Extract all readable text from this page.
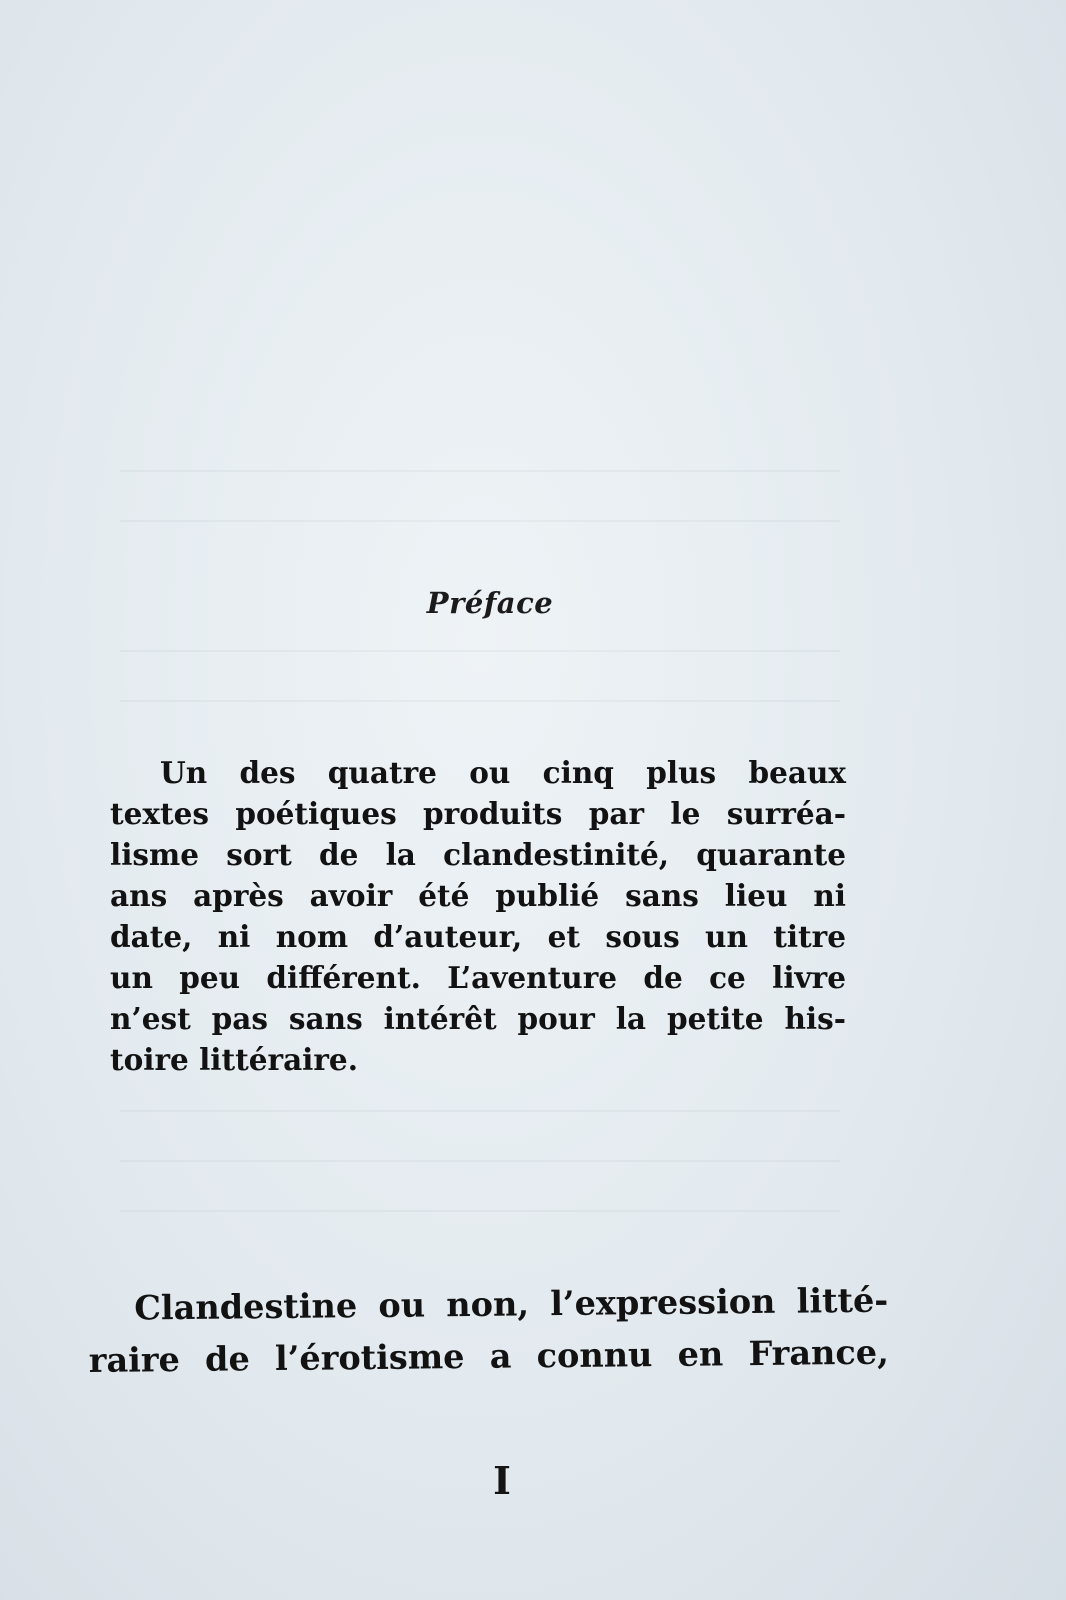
Préface
Un des quatre ou cinq plus beaux
textes poétiques produits par le surréa-
lisme sort de la clandestinité, quarante
ans après avoir été publié sans lieu ni
date, ni nom d’auteur, et sous un titre
un peu différent. L’aventure de ce livre
n’est pas sans intérêt pour la petite his-
toire littéraire.
Clandestine ou non, l’expression litté-
raire de l’érotisme a connu en France,
I
